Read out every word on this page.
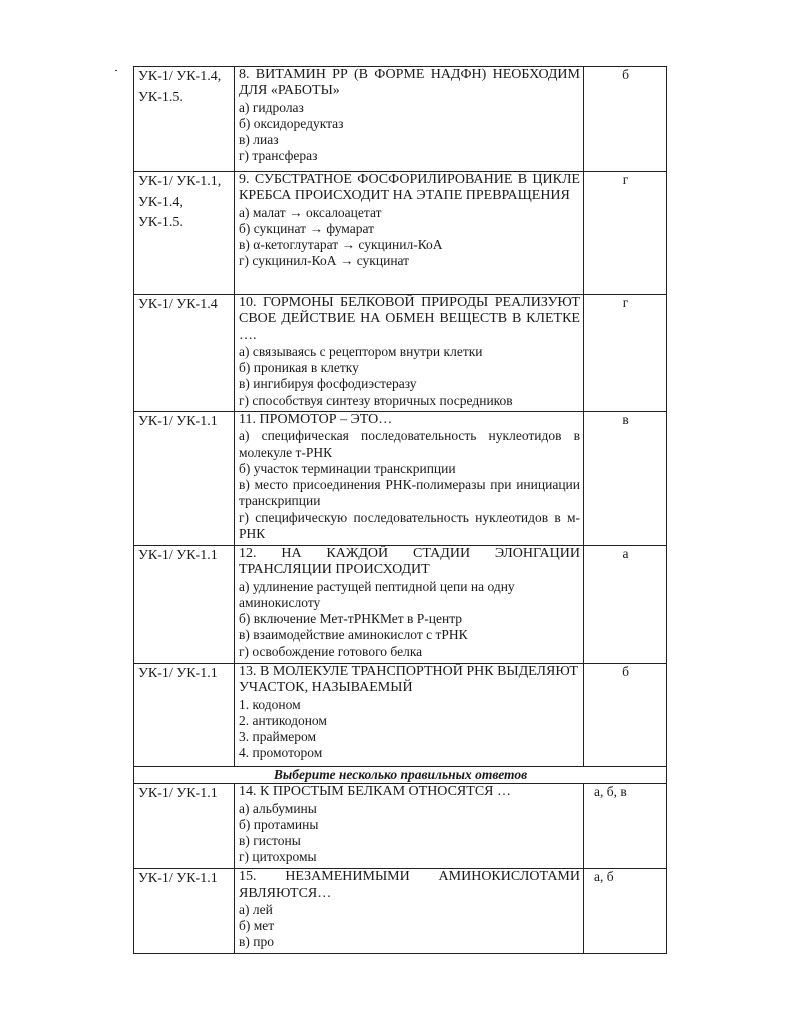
УК-1/ УК-1.4, УК-1.5.	8. ВИТАМИН РР (В ФОРМЕ НАДФН) НЕОБХОДИМ ДЛЯ «РАБОТЫ»

а) гидролаз

б) оксидоредуктаз

в) лиаз

г) трансфераз	б
УК-1/ УК-1.1, УК-1.4, УК-1.5.	9. СУБСТРАТНОЕ ФОСФОРИЛИРОВАНИЕ В ЦИКЛЕ КРЕБСА ПРОИСХОДИТ НА ЭТАПЕ ПРЕВРАЩЕНИЯ

а) малат → оксалоацетат

б) сукцинат → фумарат

в) α-кетоглутарат → сукцинил-КоА

г) сукцинил-КоА → сукцинат	г
УК-1/ УК-1.4	10. ГОРМОНЫ БЕЛКОВОЙ ПРИРОДЫ РЕАЛИЗУЮТ СВОЕ ДЕЙСТВИЕ НА ОБМЕН ВЕЩЕСТВ В КЛЕТКЕ ….

а) связываясь с рецептором внутри клетки

б) проникая в клетку

в) ингибируя фосфодиэстеразу

г) способствуя синтезу вторичных посредников	г
УК-1/ УК-1.1	11. ПРОМОТОР – ЭТО…

а) специфическая последовательность нуклеотидов в молекуле т-РНК

б) участок терминации транскрипции

в) место присоединения РНК-полимеразы при инициации транскрипции

г) специфическую последовательность нуклеотидов в м-РНК	в
УК-1/ УК-1.1	12. НА КАЖДОЙ СТАДИИ ЭЛОНГАЦИИ ТРАНСЛЯЦИИ ПРОИСХОДИТ

а) удлинение растущей пептидной цепи на одну аминокислоту

б) включение Мет-тРНКМет в Р-центр

в) взаимодействие аминокислот с тРНК

г) освобождение готового белка	а
УК-1/ УК-1.1	13. В МОЛЕКУЛЕ ТРАНСПОРТНОЙ РНК ВЫДЕЛЯЮТ УЧАСТОК, НАЗЫВАЕМЫЙ

1. кодоном

2. антикодоном

3. праймером

4. промотором	б
Выберите несколько правильных ответов		
УК-1/ УК-1.1	14. К ПРОСТЫМ БЕЛКАМ ОТНОСЯТСЯ …

а) альбумины

б) протамины

в) гистоны

г) цитохромы	а, б, в
УК-1/ УК-1.1	15. НЕЗАМЕНИМЫМИ АМИНОКИСЛОТАМИ ЯВЛЯЮТСЯ…

а) лей

б) мет

в) про	а, б
